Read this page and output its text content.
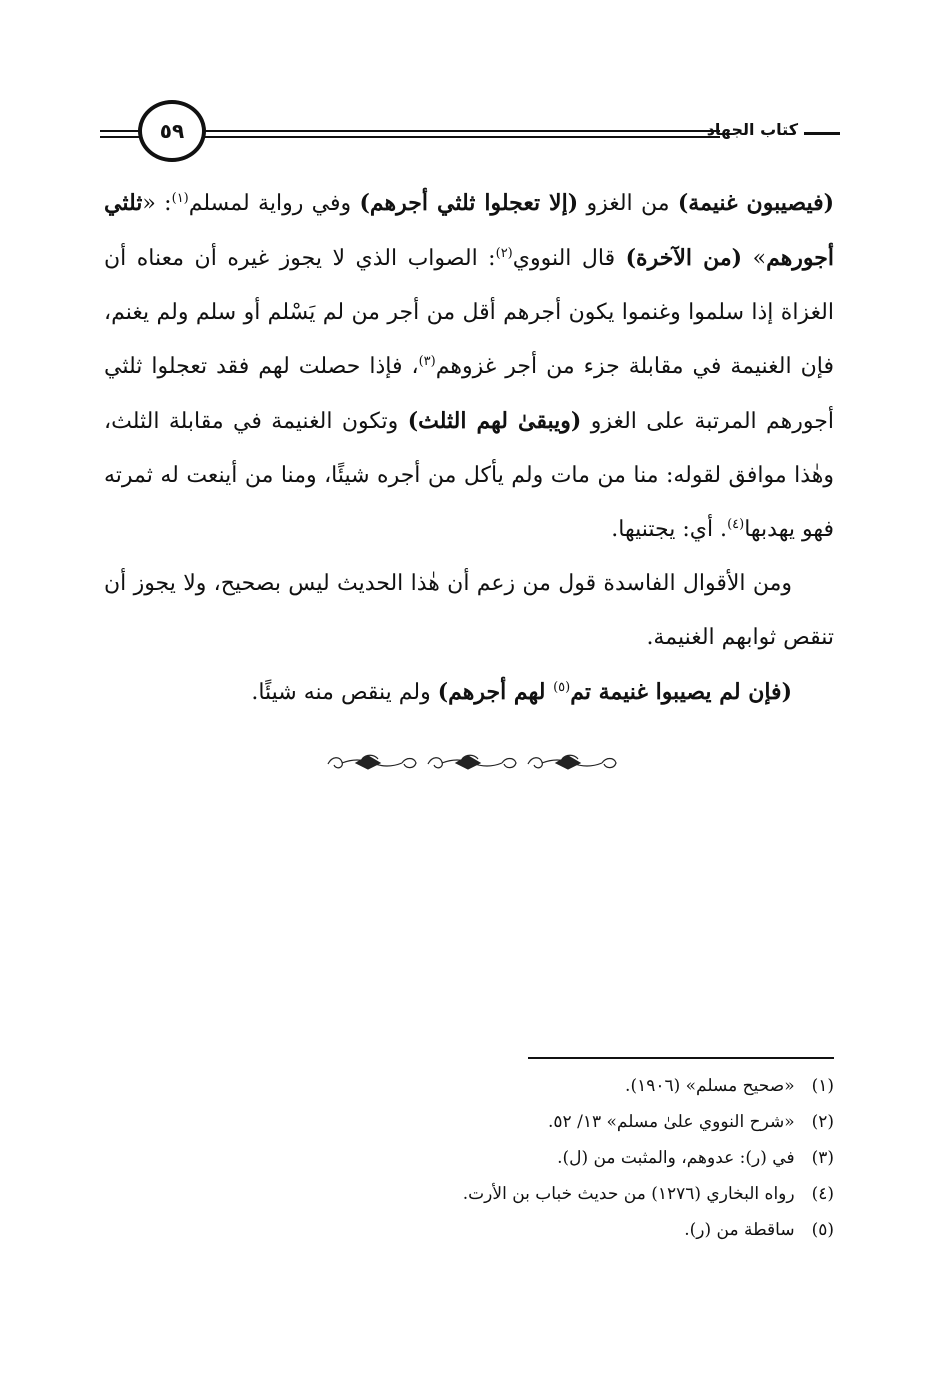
كتاب الجهاد
٥٩

(فيصيبون غنيمة) من الغزو (إلا تعجلوا ثلثي أجرهم) وفي رواية لمسلم$^{(١)}$: «ثلثي أجورهم» (من الآخرة) قال النووي$^{(٢)}$: الصواب الذي لا يجوز غيره أن معناه أن الغزاة إذا سلموا وغنموا يكون أجرهم أقل من أجر من لم يَسْلم أو سلم ولم يغنم، فإن الغنيمة في مقابلة جزء من أجر غزوهم$^{(٣)}$، فإذا حصلت لهم فقد تعجلوا ثلثي أجورهم المرتبة على الغزو (ويبقىٰ لهم الثلث) وتكون الغنيمة في مقابلة الثلث، وهٰذا موافق لقوله: منا من مات ولم يأكل من أجره شيئًا، ومنا من أينعت له ثمرته فهو يهدبها$^{(٤)}$. أي: يجتنيها.

ومن الأقوال الفاسدة قول من زعم أن هٰذا الحديث ليس بصحيح، ولا يجوز أن تنقص ثوابهم الغنيمة.

(فإن لم يصيبوا غنيمة تم$^{(٥)}$ لهم أجرهم) ولم ينقص منه شيئًا.

(١) «صحيح مسلم» (١٩٠٦).
(٢) «شرح النووي علىٰ مسلم» ١٣/ ٥٢.
(٣) في (ر): عدوهم، والمثبت من (ل).
(٤) رواه البخاري (١٢٧٦) من حديث خباب بن الأرت.
(٥) ساقطة من (ر).
